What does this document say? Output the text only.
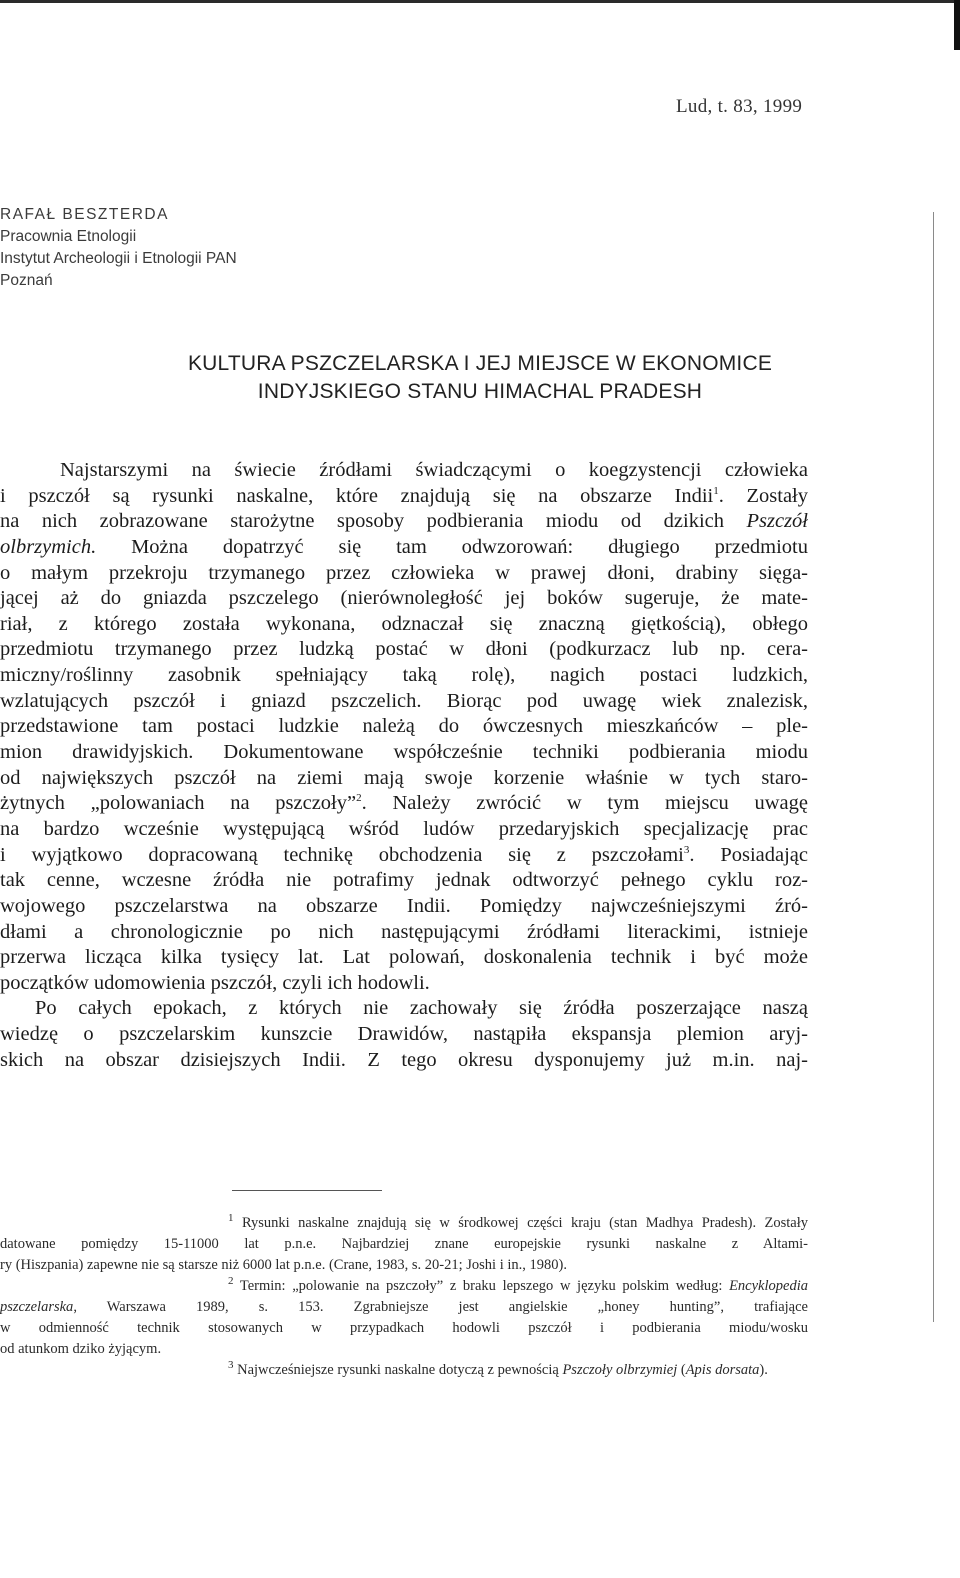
Lud, t. 83, 1999
RAFAŁ BESZTERDA
Pracownia Etnologii
Instytut Archeologii i Etnologii PAN
Poznań
KULTURA PSZCZELARSKA I JEJ MIEJSCE W EKONOMICE
INDYJSKIEGO STANU HIMACHAL PRADESH
Najstarszymi na świecie źródłami świadczącymi o koegzystencji człowieka
i pszczół są rysunki naskalne, które znajdują się na obszarze Indii$^1$. Zostały
na nich zobrazowane starożytne sposoby podbierania miodu od dzikich Pszczół
olbrzymich. Można dopatrzyć się tam odwzorowań: długiego przedmiotu
o małym przekroju trzymanego przez człowieka w prawej dłoni, drabiny sięga-
jącej aż do gniazda pszczelego (nierównoległość jej boków sugeruje, że mate-
riał, z którego została wykonana, odznaczał się znaczną giętkością), obłego
przedmiotu trzymanego przez ludzką postać w dłoni (podkurzacz lub np. cera-
miczny/roślinny zasobnik spełniający taką rolę), nagich postaci ludzkich,
wzlatujących pszczół i gniazd pszczelich. Biorąc pod uwagę wiek znalezisk,
przedstawione tam postaci ludzkie należą do ówczesnych mieszkańców – ple-
mion drawidyjskich. Dokumentowane współcześnie techniki podbierania miodu
od największych pszczół na ziemi mają swoje korzenie właśnie w tych staro-
żytnych „polowaniach na pszczoły”$^2$. Należy zwrócić w tym miejscu uwagę
na bardzo wcześnie występującą wśród ludów przedaryjskich specjalizację prac
i wyjątkowo dopracowaną technikę obchodzenia się z pszczołami$^3$. Posiadając
tak cenne, wczesne źródła nie potrafimy jednak odtworzyć pełnego cyklu roz-
wojowego pszczelarstwa na obszarze Indii. Pomiędzy najwcześniejszymi źró-
dłami a chronologicznie po nich następującymi źródłami literackimi, istnieje
przerwa licząca kilka tysięcy lat. Lat polowań, doskonalenia technik i być może
początków udomowienia pszczół, czyli ich hodowli.
Po całych epokach, z których nie zachowały się źródła poszerzające naszą
wiedzę o pszczelarskim kunszcie Drawidów, nastąpiła ekspansja plemion aryj-
skich na obszar dzisiejszych Indii. Z tego okresu dysponujemy już m.in. naj-
$^1$ Rysunki naskalne znajdują się w środkowej części kraju (stan Madhya Pradesh). Zostały
datowane pomiędzy 15-11000 lat p.n.e. Najbardziej znane europejskie rysunki naskalne z Altami-
ry (Hiszpania) zapewne nie są starsze niż 6000 lat p.n.e. (Crane, 1983, s. 20-21; Joshi i in., 1980).
$^2$ Termin: „polowanie na pszczoły” z braku lepszego w języku polskim według: Encyklopedia
pszczelarska, Warszawa 1989, s. 153. Zgrabniejsze jest angielskie „honey hunting”, trafiające
w odmienność technik stosowanych w przypadkach hodowli pszczół i podbierania miodu/wosku
od atunkom dziko żyjącym.
$^3$ Najwcześniejsze rysunki naskalne dotyczą z pewnością Pszczoły olbrzymiej (Apis dorsata).
